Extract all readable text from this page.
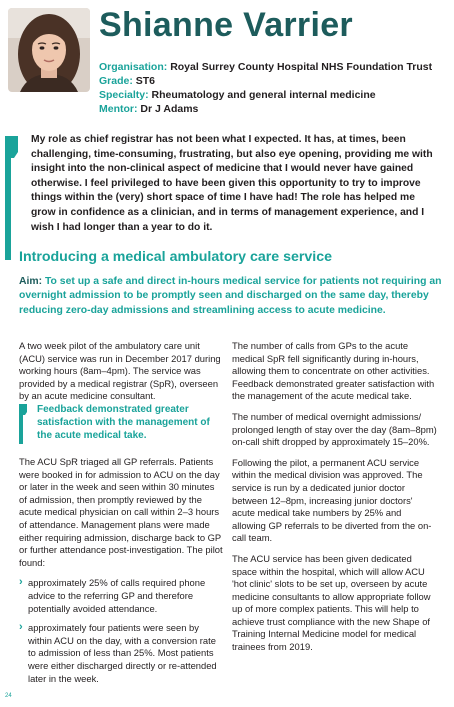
Shianne Varrier
Organisation: Royal Surrey County Hospital NHS Foundation Trust
Grade: ST6
Specialty: Rheumatology and general internal medicine
Mentor: Dr J Adams
My role as chief registrar has not been what I expected. It has, at times, been challenging, time-consuming, frustrating, but also eye opening, providing me with insight into the non-clinical aspect of medicine that I would never have gained otherwise. I feel privileged to have been given this opportunity to try to improve things within the (very) short space of time I have had! The role has helped me grow in confidence as a clinician, and in terms of management experience, and I wish I had longer than a year to do it.
Introducing a medical ambulatory care service
Aim: To set up a safe and direct in-hours medical service for patients not requiring an overnight admission to be promptly seen and discharged on the same day, thereby reducing zero-day admissions and streamlining access to acute medicine.

A two week pilot of the ambulatory care unit (ACU) service was run in December 2017 during working hours (8am–4pm). The service was provided by a medical registrar (SpR), overseen by an acute medicine consultant.

Feedback demonstrated greater satisfaction with the management of the acute medical take.

The ACU SpR triaged all GP referrals. Patients were booked in for admission to ACU on the day or later in the week and seen within 30 minutes of admission, then promptly reviewed by the acute medical physician on call within 2–3 hours of attendance. Management plans were made either requiring admission, discharge back to GP or further attendance post-investigation. The pilot found:

› approximately 25% of calls required phone advice to the referring GP and therefore potentially avoided attendance.
› approximately four patients were seen by within ACU on the day, with a conversion rate to admission of less than 25%. Most patients were either discharged directly or re-attended later in the week.

The number of calls from GPs to the acute medical SpR fell significantly during in-hours, allowing them to concentrate on other activities. Feedback demonstrated greater satisfaction with the management of the acute medical take.

The number of medical overnight admissions/ prolonged length of stay over the day (8am–8pm) on-call shift dropped by approximately 15–20%.

Following the pilot, a permanent ACU service within the medical division was approved. The service is run by a dedicated junior doctor between 12–8pm, increasing junior doctors' acute medical take numbers by 25% and allowing GP referrals to be diverted from the on-call team.

The ACU service has been given dedicated space within the hospital, which will allow ACU 'hot clinic' slots to be set up, overseen by acute medicine consultants to allow appropriate follow up of more complex patients. This will help to achieve trust compliance with the new Shape of Training Internal Medicine model for medical trainees from 2019.

24
